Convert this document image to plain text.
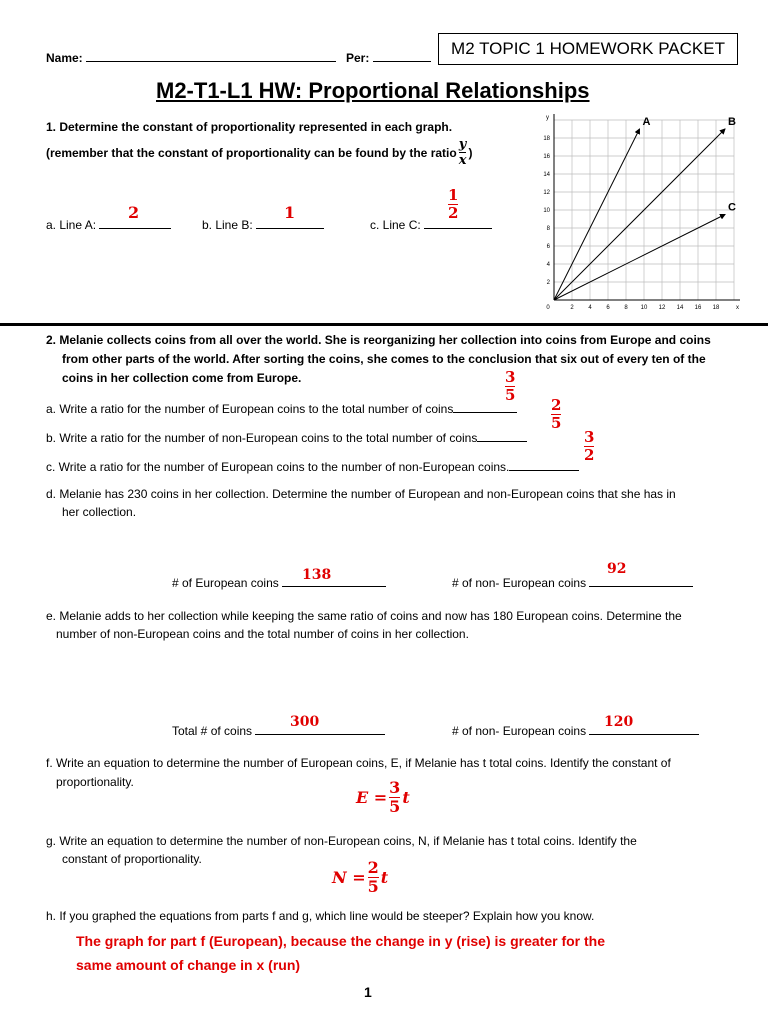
Name:	Per:	M2 TOPIC 1 HOMEWORK PACKET
M2-T1-L1 HW: Proportional Relationships
1. Determine the constant of proportionality represented in each graph.
(remember that the constant of proportionality can be found by the ratio $\frac{y}{x}$ )
a. Line A:
2
b. Line B:
1
c. Line C:
$\frac{1}{2}$
x
y
0	2 4 6 8 10 12 14 16 18
2
4
6
8
10
12
14
16
18
A	B
C
2. Melanie collects coins from all over the world. She is reorganizing her collection into coins from Europe and coins
from other parts of the world. After sorting the coins, she comes to the conclusion that six out of every ten of the
coins in her collection come from Europe.
a. Write a ratio for the number of European coins to the total number of coins
$\frac{3}{5}$
b. Write a ratio for the number of non-European coins to the total number of coins
$\frac{2}{5}$
c. Write a ratio for the number of European coins to the number of non-European coins.
$\frac{3}{2}$
d. Melanie has 230 coins in her collection. Determine the number of European and non-European coins that she has in
her collection.
# of European coins	138	# of non- European coins
92
e. Melanie adds to her collection while keeping the same ratio of coins and now has 180 European coins. Determine the
number of non-European coins and the total number of coins in her collection.
Total # of coins
300
# of non- European coins
120
f. Write an equation to determine the number of European coins, E, if Melanie has t total coins. Identify the constant of
proportionality.
$E = \frac{3}{5}$ t
g. Write an equation to determine the number of non-European coins, N, if Melanie has t total coins. Identify the
constant of proportionality.
$N = \frac{2}{5}$ t
h. If you graphed the equations from parts f and g, which line would be steeper? Explain how you know.
The graph for part f (European), because the change in y (rise) is greater for the
same amount of change in x (run)
1
